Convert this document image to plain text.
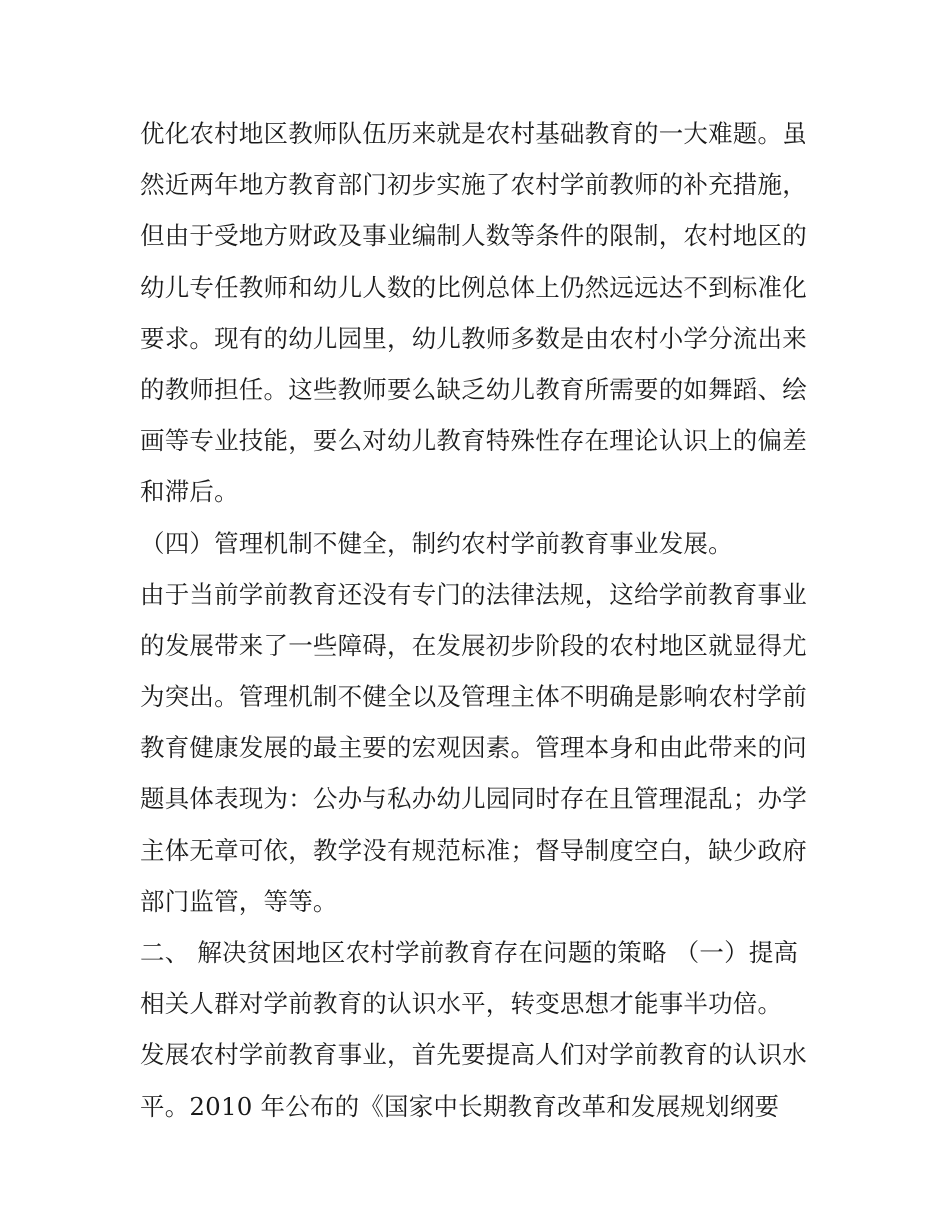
优化农村地区教师队伍历来就是农村基础教育的一大难题。虽
然近两年地方教育部门初步实施了农村学前教师的补充措施，
但由于受地方财政及事业编制人数等条件的限制，农村地区的
幼儿专任教师和幼儿人数的比例总体上仍然远远达不到标准化
要求。现有的幼儿园里，幼儿教师多数是由农村小学分流出来
的教师担任。这些教师要么缺乏幼儿教育所需要的如舞蹈、绘
画等专业技能，要么对幼儿教育特殊性存在理论认识上的偏差
和滞后。
（四）管理机制不健全，制约农村学前教育事业发展。
由于当前学前教育还没有专门的法律法规，这给学前教育事业
的发展带来了一些障碍，在发展初步阶段的农村地区就显得尤
为突出。管理机制不健全以及管理主体不明确是影响农村学前
教育健康发展的最主要的宏观因素。管理本身和由此带来的问
题具体表现为：公办与私办幼儿园同时存在且管理混乱；办学
主体无章可依，教学没有规范标准；督导制度空白，缺少政府
部门监管，等等。
二、 解决贫困地区农村学前教育存在问题的策略 （一）提高
相关人群对学前教育的认识水平，转变思想才能事半功倍。
发展农村学前教育事业，首先要提高人们对学前教育的认识水
平。2010 年公布的《国家中长期教育改革和发展规划纲要
